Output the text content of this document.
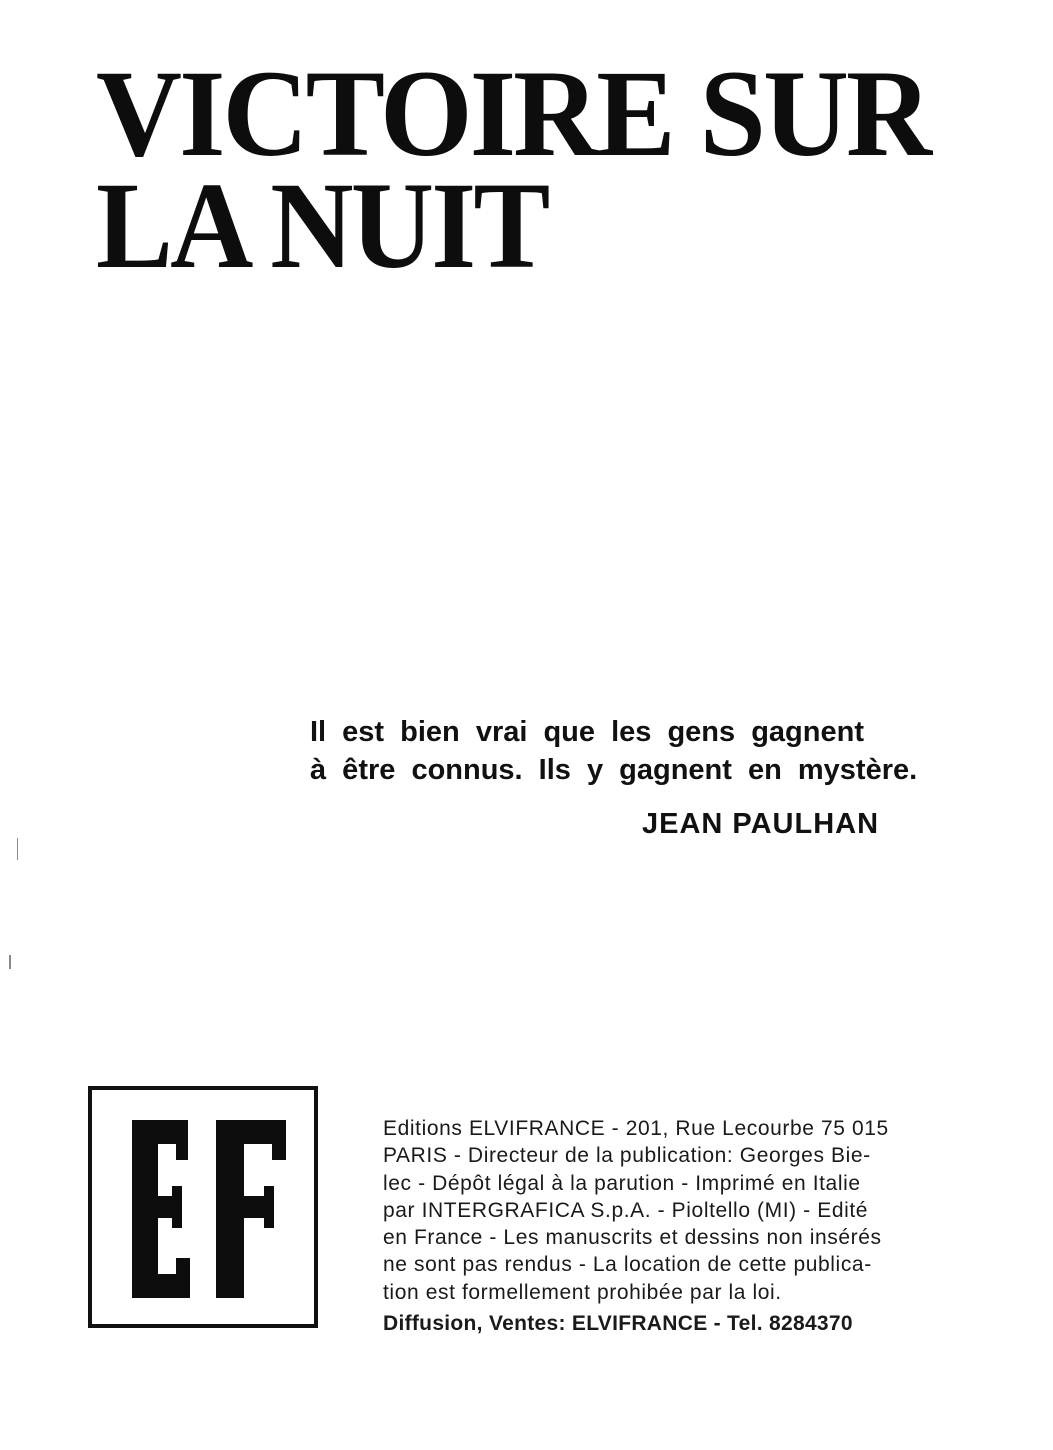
VICTOIRE SUR
LA NUIT
Il est bien vrai que les gens gagnent
à être connus. Ils y gagnent en mystère.
JEAN PAULHAN
Editions ELVIFRANCE - 201, Rue Lecourbe 75 015
PARIS - Directeur de la publication: Georges Bie-
lec - Dépôt légal à la parution - Imprimé en Italie
par INTERGRAFICA S.p.A. - Pioltello (MI) - Edité
en France - Les manuscrits et dessins non insérés
ne sont pas rendus - La location de cette publica-
tion est formellement prohibée par la loi.
Diffusion, Ventes: ELVIFRANCE - Tel. 8284370
